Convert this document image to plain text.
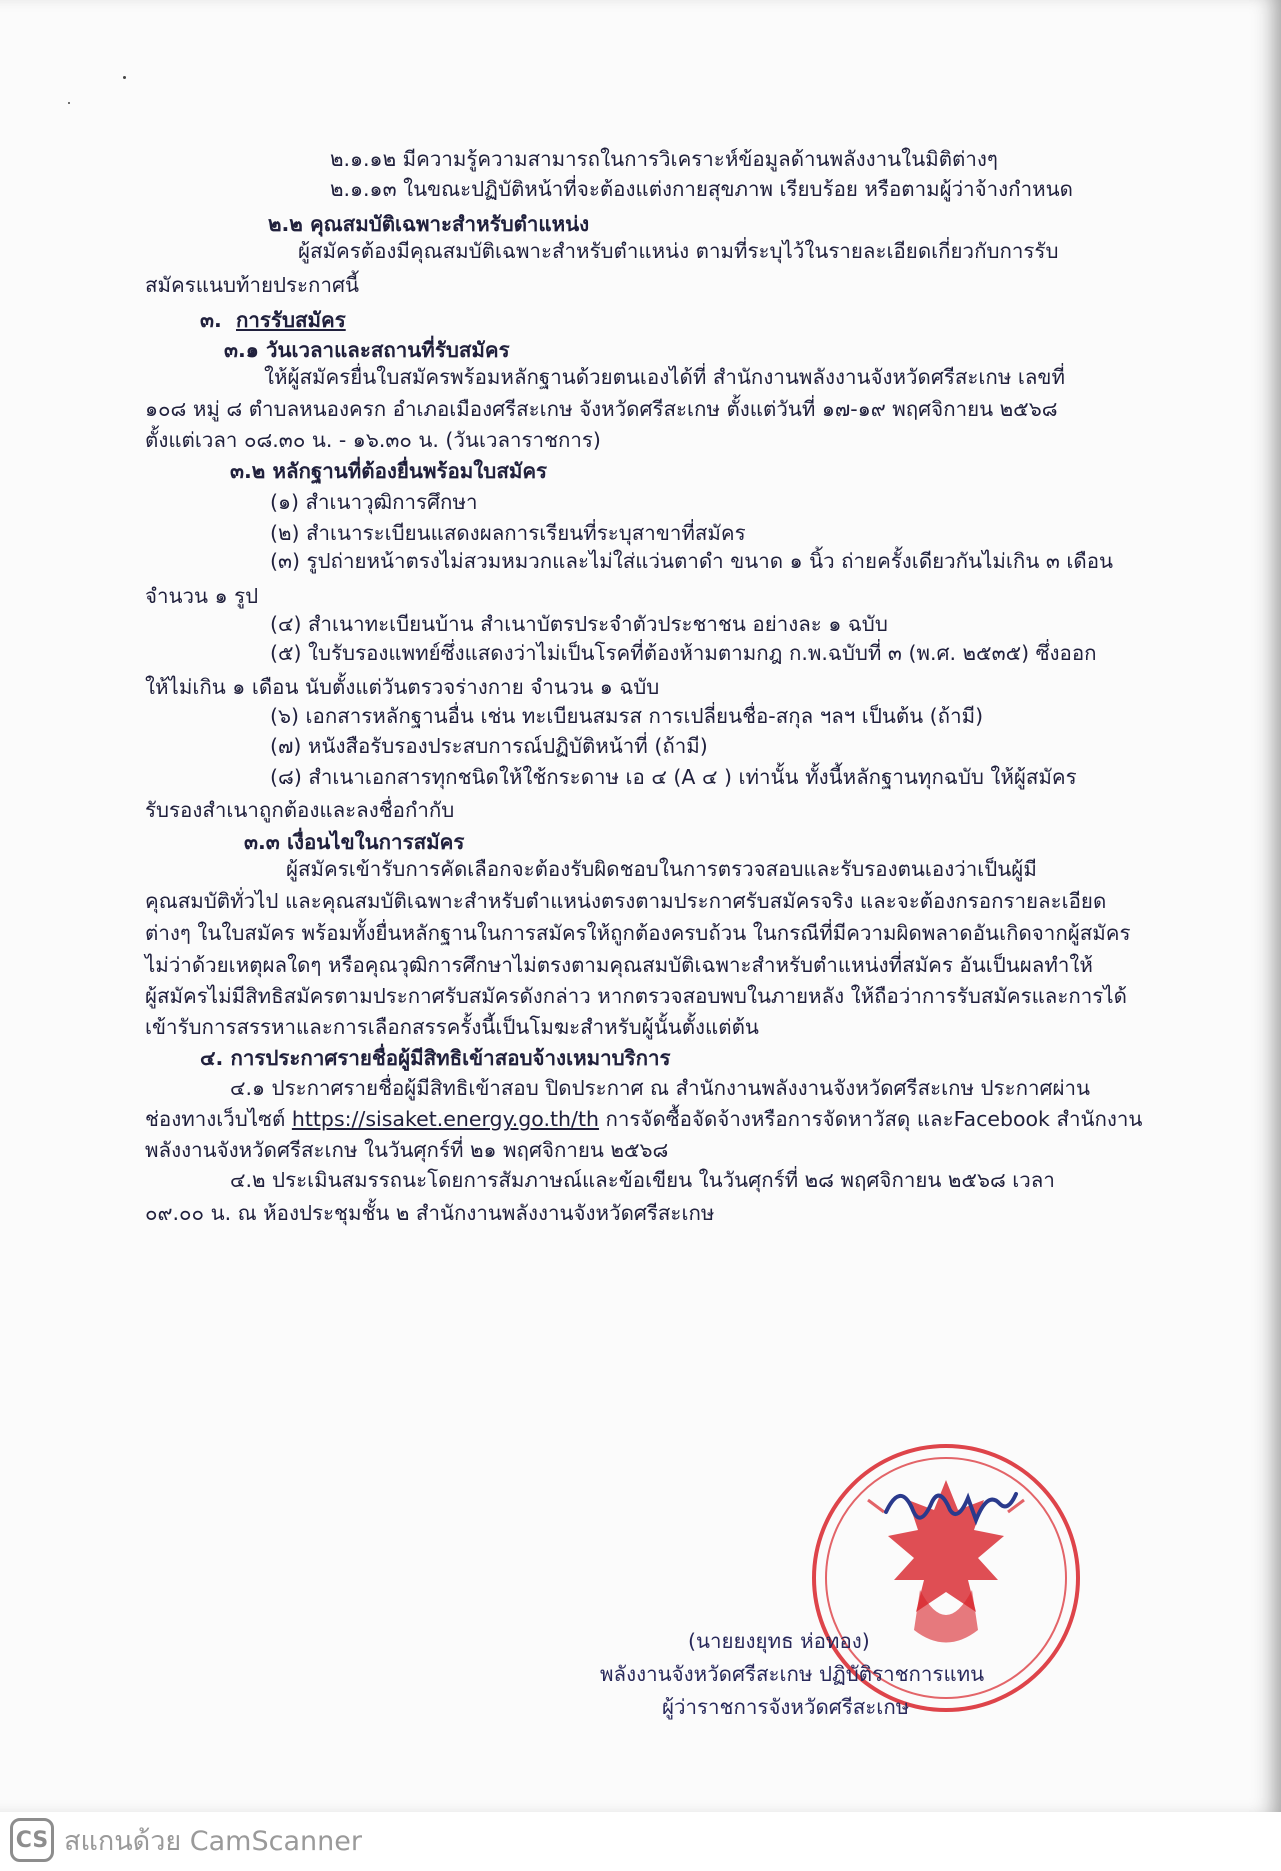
๒.๑.๑๒ มีความรู้ความสามารถในการวิเคราะห์ข้อมูลด้านพลังงานในมิติต่างๆ
๒.๑.๑๓ ในขณะปฏิบัติหน้าที่จะต้องแต่งกายสุขภาพ เรียบร้อย หรือตามผู้ว่าจ้างกำหนด
๒.๒ คุณสมบัติเฉพาะสำหรับตำแหน่ง
ผู้สมัครต้องมีคุณสมบัติเฉพาะสำหรับตำแหน่ง ตามที่ระบุไว้ในรายละเอียดเกี่ยวกับการรับ
สมัครแนบท้ายประกาศนี้
๓. การรับสมัคร
๓.๑ วันเวลาและสถานที่รับสมัคร
ให้ผู้สมัครยื่นใบสมัครพร้อมหลักฐานด้วยตนเองได้ที่ สำนักงานพลังงานจังหวัดศรีสะเกษ เลขที่
๑๐๘ หมู่ ๘ ตำบลหนองครก อำเภอเมืองศรีสะเกษ จังหวัดศรีสะเกษ ตั้งแต่วันที่ ๑๗-๑๙ พฤศจิกายน ๒๕๖๘
ตั้งแต่เวลา ๐๘.๓๐ น. - ๑๖.๓๐ น. (วันเวลาราชการ)
๓.๒ หลักฐานที่ต้องยื่นพร้อมใบสมัคร
(๑) สำเนาวุฒิการศึกษา
(๒) สำเนาระเบียนแสดงผลการเรียนที่ระบุสาขาที่สมัคร
(๓) รูปถ่ายหน้าตรงไม่สวมหมวกและไม่ใส่แว่นตาดำ ขนาด ๑ นิ้ว ถ่ายครั้งเดียวกันไม่เกิน ๓ เดือน
จำนวน ๑ รูป
(๔) สำเนาทะเบียนบ้าน สำเนาบัตรประจำตัวประชาชน อย่างละ ๑ ฉบับ
(๕) ใบรับรองแพทย์ซึ่งแสดงว่าไม่เป็นโรคที่ต้องห้ามตามกฎ ก.พ.ฉบับที่ ๓ (พ.ศ. ๒๕๓๕) ซึ่งออก
ให้ไม่เกิน ๑ เดือน นับตั้งแต่วันตรวจร่างกาย จำนวน ๑ ฉบับ
(๖) เอกสารหลักฐานอื่น เช่น ทะเบียนสมรส การเปลี่ยนชื่อ-สกุล ฯลฯ เป็นต้น (ถ้ามี)
(๗) หนังสือรับรองประสบการณ์ปฏิบัติหน้าที่ (ถ้ามี)
(๘) สำเนาเอกสารทุกชนิดให้ใช้กระดาษ เอ ๔ (A ๔ ) เท่านั้น ทั้งนี้หลักฐานทุกฉบับ ให้ผู้สมัคร
รับรองสำเนาถูกต้องและลงชื่อกำกับ
๓.๓ เงื่อนไขในการสมัคร
ผู้สมัครเข้ารับการคัดเลือกจะต้องรับผิดชอบในการตรวจสอบและรับรองตนเองว่าเป็นผู้มี
คุณสมบัติทั่วไป และคุณสมบัติเฉพาะสำหรับตำแหน่งตรงตามประกาศรับสมัครจริง และจะต้องกรอกรายละเอียด
ต่างๆ ในใบสมัคร พร้อมทั้งยื่นหลักฐานในการสมัครให้ถูกต้องครบถ้วน ในกรณีที่มีความผิดพลาดอันเกิดจากผู้สมัคร
ไม่ว่าด้วยเหตุผลใดๆ หรือคุณวุฒิการศึกษาไม่ตรงตามคุณสมบัติเฉพาะสำหรับตำแหน่งที่สมัคร อันเป็นผลทำให้
ผู้สมัครไม่มีสิทธิสมัครตามประกาศรับสมัครดังกล่าว หากตรวจสอบพบในภายหลัง ให้ถือว่าการรับสมัครและการได้
เข้ารับการสรรหาและการเลือกสรรครั้งนี้เป็นโมฆะสำหรับผู้นั้นตั้งแต่ต้น
๔. การประกาศรายชื่อผู้มีสิทธิเข้าสอบจ้างเหมาบริการ
๔.๑ ประกาศรายชื่อผู้มีสิทธิเข้าสอบ ปิดประกาศ ณ สำนักงานพลังงานจังหวัดศรีสะเกษ ประกาศผ่าน
ช่องทางเว็บไซต์ https://sisaket.energy.go.th/th การจัดซื้อจัดจ้างหรือการจัดหาวัสดุ และFacebook สำนักงาน
พลังงานจังหวัดศรีสะเกษ ในวันศุกร์ที่ ๒๑ พฤศจิกายน ๒๕๖๘
๔.๒ ประเมินสมรรถนะโดยการสัมภาษณ์และข้อเขียน ในวันศุกร์ที่ ๒๘ พฤศจิกายน ๒๕๖๘ เวลา
๐๙.๐๐ น. ณ ห้องประชุมชั้น ๒ สำนักงานพลังงานจังหวัดศรีสะเกษ
(นายยงยุทธ ห่อทอง)
พลังงานจังหวัดศรีสะเกษ ปฏิบัติราชการแทน
ผู้ว่าราชการจังหวัดศรีสะเกษ
CS สแกนด้วย CamScanner
